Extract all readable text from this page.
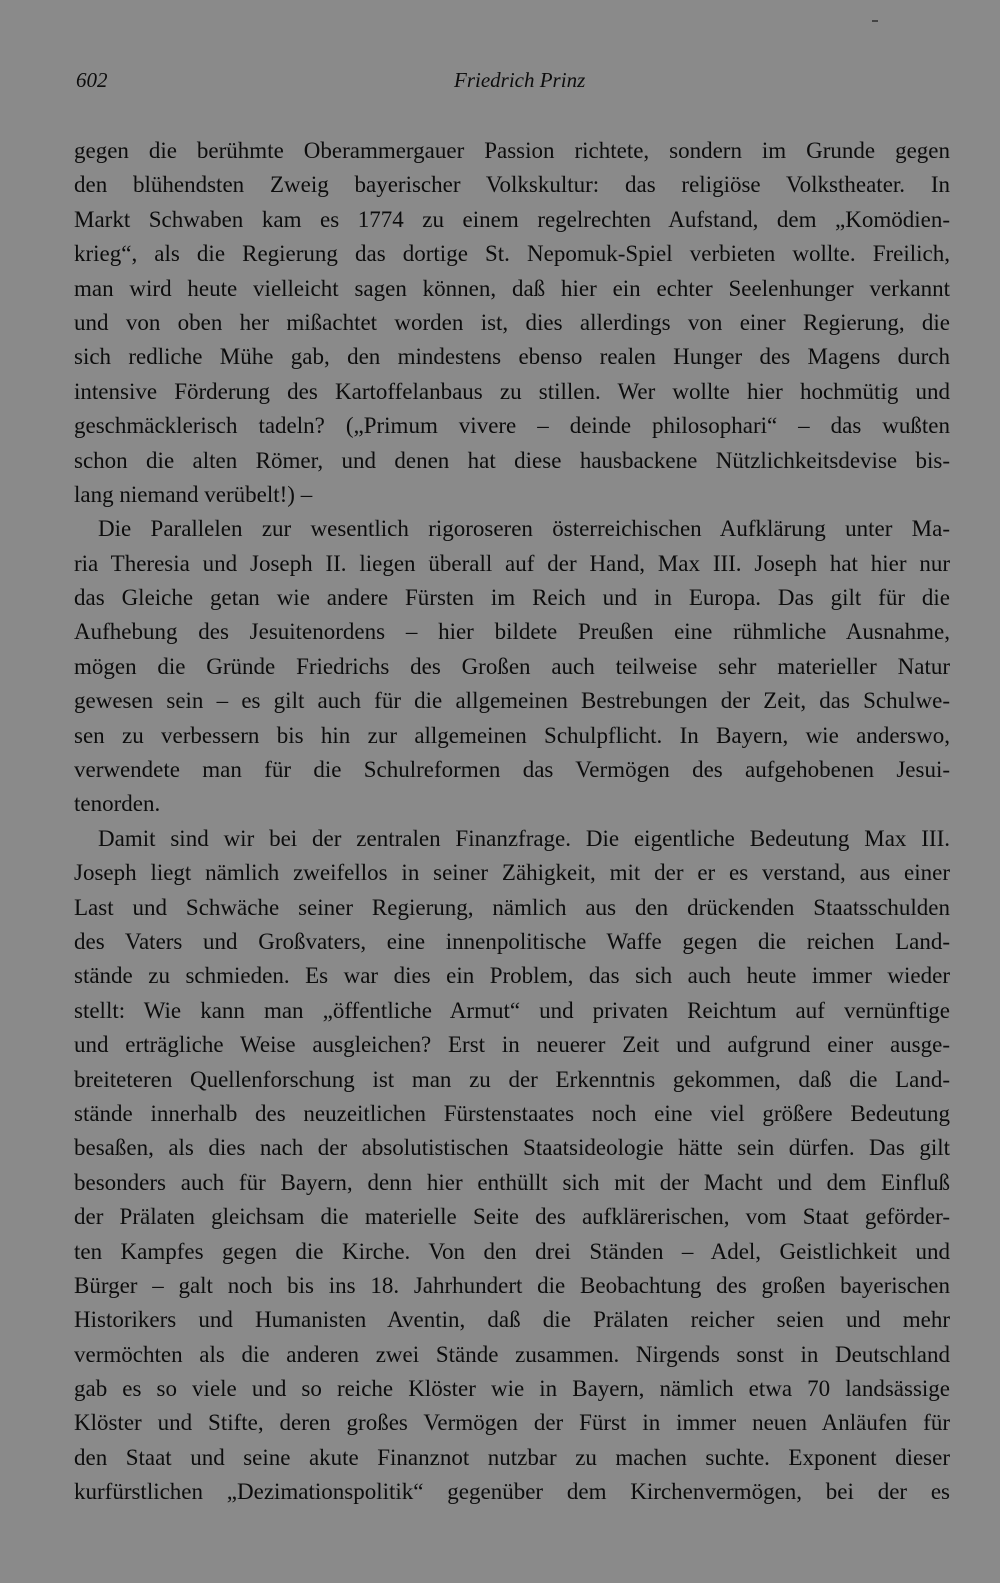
602	Friedrich Prinz
gegen die berühmte Oberammergauer Passion richtete, sondern im Grunde gegen
den blühendsten Zweig bayerischer Volkskultur: das religiöse Volkstheater. In
Markt Schwaben kam es 1774 zu einem regelrechten Aufstand, dem „Komödien-
krieg“, als die Regierung das dortige St. Nepomuk-Spiel verbieten wollte. Freilich,
man wird heute vielleicht sagen können, daß hier ein echter Seelenhunger verkannt
und von oben her mißachtet worden ist, dies allerdings von einer Regierung, die
sich redliche Mühe gab, den mindestens ebenso realen Hunger des Magens durch
intensive Förderung des Kartoffelanbaus zu stillen. Wer wollte hier hochmütig und
geschmäcklerisch tadeln? („Primum vivere – deinde philosophari“ – das wußten
schon die alten Römer, und denen hat diese hausbackene Nützlichkeitsdevise bis-
lang niemand verübelt!) –
Die Parallelen zur wesentlich rigoroseren österreichischen Aufklärung unter Ma-
ria Theresia und Joseph II. liegen überall auf der Hand, Max III. Joseph hat hier nur
das Gleiche getan wie andere Fürsten im Reich und in Europa. Das gilt für die
Aufhebung des Jesuitenordens – hier bildete Preußen eine rühmliche Ausnahme,
mögen die Gründe Friedrichs des Großen auch teilweise sehr materieller Natur
gewesen sein – es gilt auch für die allgemeinen Bestrebungen der Zeit, das Schulwe-
sen zu verbessern bis hin zur allgemeinen Schulpflicht. In Bayern, wie anderswo,
verwendete man für die Schulreformen das Vermögen des aufgehobenen Jesui-
tenorden.
Damit sind wir bei der zentralen Finanzfrage. Die eigentliche Bedeutung Max III.
Joseph liegt nämlich zweifellos in seiner Zähigkeit, mit der er es verstand, aus einer
Last und Schwäche seiner Regierung, nämlich aus den drückenden Staatsschulden
des Vaters und Großvaters, eine innenpolitische Waffe gegen die reichen Land-
stände zu schmieden. Es war dies ein Problem, das sich auch heute immer wieder
stellt: Wie kann man „öffentliche Armut“ und privaten Reichtum auf vernünftige
und erträgliche Weise ausgleichen? Erst in neuerer Zeit und aufgrund einer ausge-
breiteteren Quellenforschung ist man zu der Erkenntnis gekommen, daß die Land-
stände innerhalb des neuzeitlichen Fürstenstaates noch eine viel größere Bedeutung
besaßen, als dies nach der absolutistischen Staatsideologie hätte sein dürfen. Das gilt
besonders auch für Bayern, denn hier enthüllt sich mit der Macht und dem Einfluß
der Prälaten gleichsam die materielle Seite des aufklärerischen, vom Staat geförder-
ten Kampfes gegen die Kirche. Von den drei Ständen – Adel, Geistlichkeit und
Bürger – galt noch bis ins 18. Jahrhundert die Beobachtung des großen bayerischen
Historikers und Humanisten Aventin, daß die Prälaten reicher seien und mehr
vermöchten als die anderen zwei Stände zusammen. Nirgends sonst in Deutschland
gab es so viele und so reiche Klöster wie in Bayern, nämlich etwa 70 landsässige
Klöster und Stifte, deren großes Vermögen der Fürst in immer neuen Anläufen für
den Staat und seine akute Finanznot nutzbar zu machen suchte. Exponent dieser
kurfürstlichen „Dezimationspolitik“ gegenüber dem Kirchenvermögen, bei der es
